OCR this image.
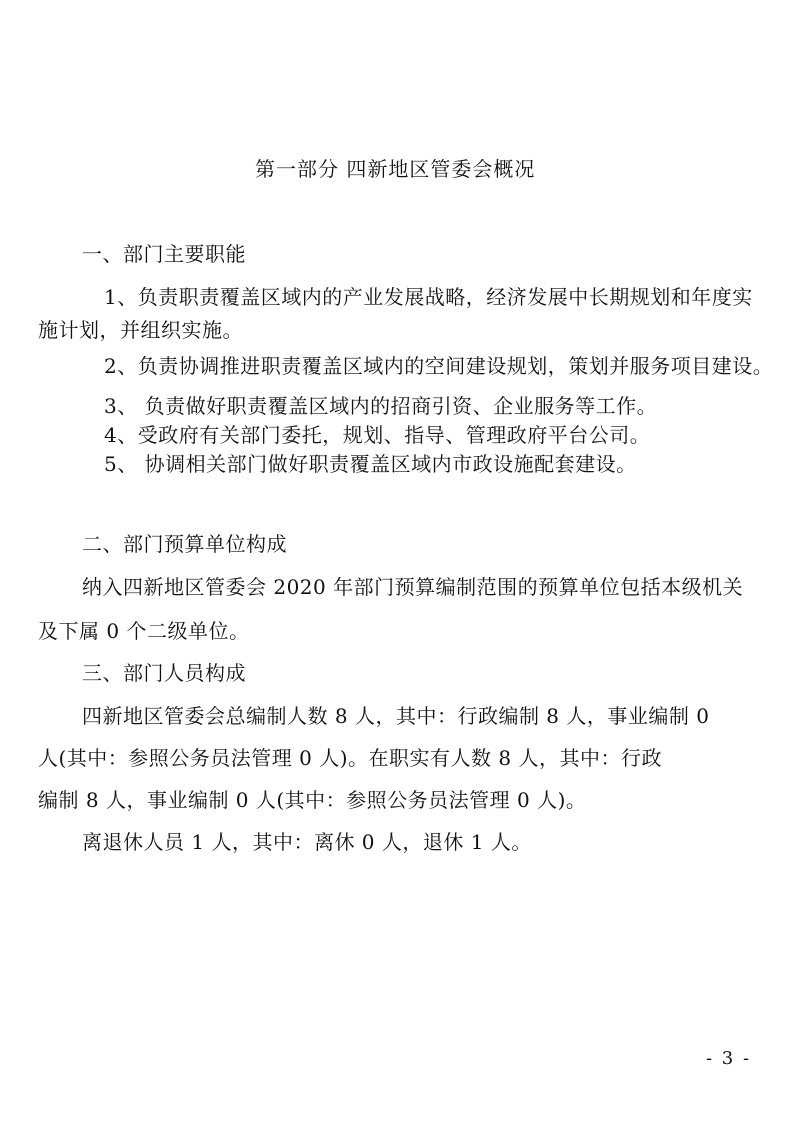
第一部分 四新地区管委会概况
一、部门主要职能
1、负责职责覆盖区域内的产业发展战略，经济发展中长期规划和年度实
施计划，并组织实施。
2、负责协调推进职责覆盖区域内的空间建设规划，策划并服务项目建设。
3、 负责做好职责覆盖区域内的招商引资、企业服务等工作。
4、受政府有关部门委托，规划、指导、管理政府平台公司。
5、 协调相关部门做好职责覆盖区域内市政设施配套建设。
二、部门预算单位构成
纳入四新地区管委会 2020 年部门预算编制范围的预算单位包括本级机关
及下属 0 个二级单位。
三、部门人员构成
四新地区管委会总编制人数 8 人，其中：行政编制 8 人，事业编制 0
人(其中：参照公务员法管理 0 人)。在职实有人数 8 人，其中：行政
编制 8 人，事业编制 0 人(其中：参照公务员法管理 0 人)。
离退休人员 1 人，其中：离休 0 人，退休 1 人。
- 3 -
